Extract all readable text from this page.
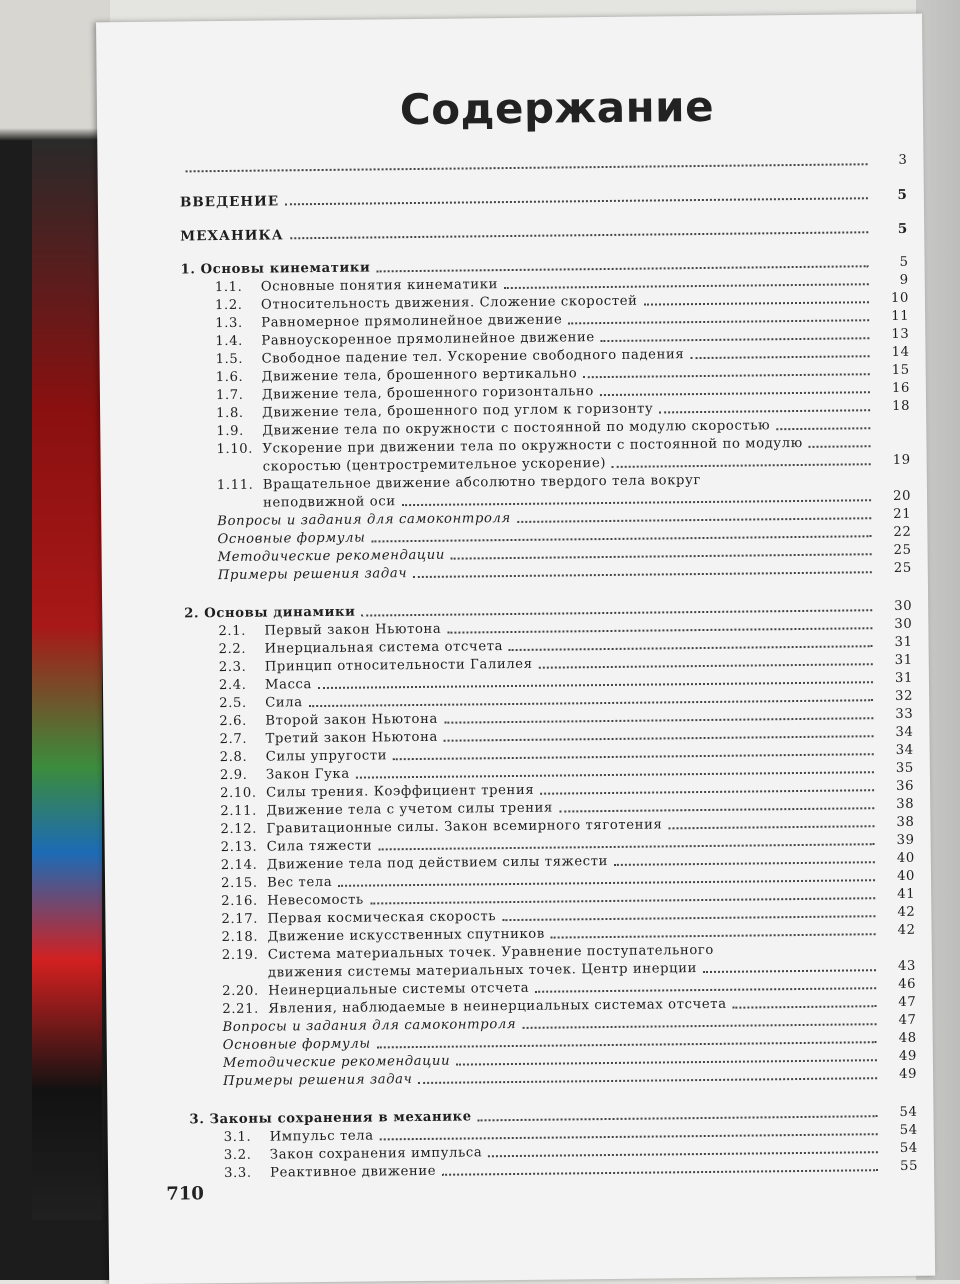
Содержание
3
ВВЕДЕНИЕ	5
МЕХАНИКА	5
1. Основы кинематики	5
1.1.	Основные понятия кинематики	9
1.2.	Относительность движения. Сложение скоростей	10
1.3.	Равномерное прямолинейное движение	11
1.4.	Равноускоренное прямолинейное движение	13
1.5.	Свободное падение тел. Ускорение свободного падения	14
1.6.	Движение тела, брошенного вертикально	15
1.7.	Движение тела, брошенного горизонтально	16
1.8.	Движение тела, брошенного под углом к горизонту	18
1.9.	Движение тела по окружности с постоянной по модулю скоростью
1.10. Ускорение при движении тела по окружности с постоянной по модулю
скоростью (центростремительное ускорение)	19
1.11. Вращательное движение абсолютно твердого тела вокруг
неподвижной оси	20
Вопросы и задания для самоконтроля	21
Основные формулы	22
Методические рекомендации	25
Примеры решения задач	25
2. Основы динамики	30
2.1.	Первый закон Ньютона	30
2.2.	Инерциальная система отсчета	31
2.3.	Принцип относительности Галилея	31
2.4.	Масса	31
2.5.	Сила	32
2.6.	Второй закон Ньютона	33
2.7.	Третий закон Ньютона	34
2.8.	Силы упругости	34
2.9.	Закон Гука	35
2.10. Силы трения. Коэффициент трения	36
2.11. Движение тела с учетом силы трения	38
2.12. Гравитационные силы. Закон всемирного тяготения	38
2.13. Сила тяжести	39
2.14. Движение тела под действием силы тяжести	40
2.15. Вес тела	40
2.16. Невесомость	41
2.17. Первая космическая скорость	42
2.18. Движение искусственных спутников	42
2.19. Система материальных точек. Уравнение поступательного
движения системы материальных точек. Центр инерции	43
2.20. Неинерциальные системы отсчета	46
2.21. Явления, наблюдаемые в неинерциальных системах отсчета	47
Вопросы и задания для самоконтроля	47
Основные формулы	48
Методические рекомендации	49
Примеры решения задач	49
3. Законы сохранения в механике	54
3.1.	Импульс тела	54
3.2.	Закон сохранения импульса	54
3.3.	Реактивное движение	55
710
